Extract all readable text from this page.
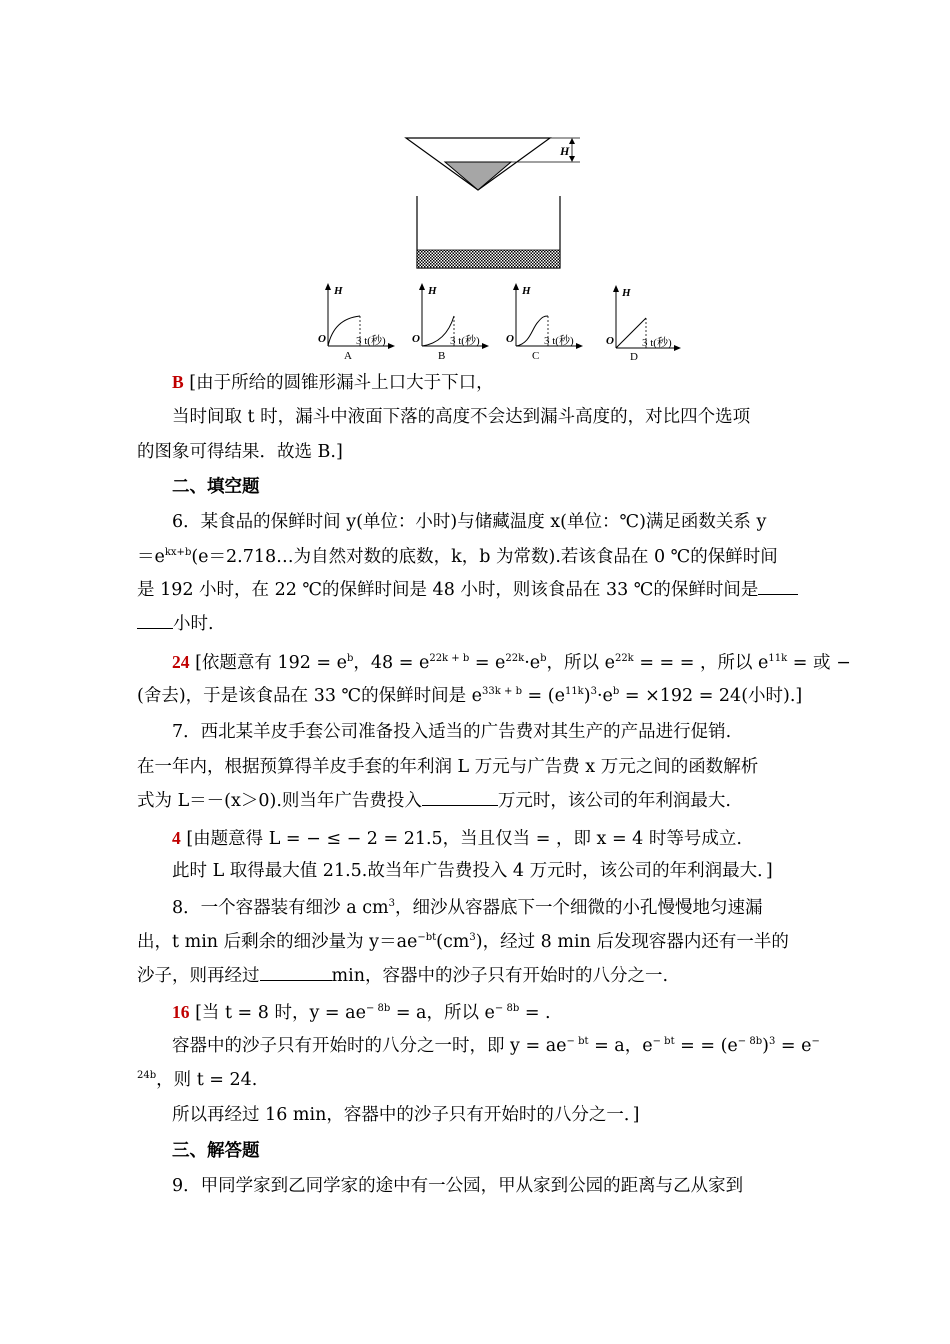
H
H
O	3 t(秒)
A
H
O	3 t(秒)
B
H
O	3 t(秒)
C
H
O	3 t(秒)
D
B [由于所给的圆锥形漏斗上口大于下口，
当时间取 t 时，漏斗中液面下落的高度不会达到漏斗高度的，对比四个选项
的图象可得结果．故选 B.]
二、填空题
6．某食品的保鲜时间 y(单位：小时)与储藏温度 x(单位：℃)满足函数关系 y
$=e^{kx+b}(e=2.718\dots$为自然对数的底数，k，b 为常数).若该食品在 0 ℃的保鲜时间
是 192 小时，在 22 ℃的保鲜时间是 48 小时，则该食品在 33 ℃的保鲜时间是
小时.
24 [依题意有 $192 = e^b$，$48 = e^{22k + b} = e^{22k}\cdot e^b$，所以 $e^{22k}$ = = = ，所以 $e^{11k}$ = 或 −
(舍去)，于是该食品在 33 ℃的保鲜时间是 $e^{33k + b} = (e^{11k})^3\cdot e^b = \times 192 = 24$(小时).]
7．西北某羊皮手套公司准备投入适当的广告费对其生产的产品进行促销.
在一年内，根据预算得羊皮手套的年利润 L 万元与广告费 x 万元之间的函数解析
式为 L＝－(x＞0).则当年广告费投入	万元时，该公司的年利润最大.
4 [由题意得 L = − ≤ − 2 = 21.5，当且仅当 = ，即 x = 4 时等号成立.
此时 L 取得最大值 21.5.故当年广告费投入 4 万元时，该公司的年利润最大．]
8．一个容器装有细沙 a $cm^3$，细沙从容器底下一个细微的小孔慢慢地匀速漏
出，t min 后剩余的细沙量为 $y=ae^{-bt}(cm^3)$，经过 8 min 后发现容器内还有一半的
沙子，则再经过	min，容器中的沙子只有开始时的八分之一.
16 [当 t = 8 时，$y = ae^{- 8b} = a$，所以 $e^{- 8b}$ = .
容器中的沙子只有开始时的八分之一时，即 $y = ae^{- bt} = a$，$e^{- bt}$ = = $(e^{- 8b})^3 = e^-$
$^{24b}$，则 t = 24.
所以再经过 16 min，容器中的沙子只有开始时的八分之一．]
三、解答题
9．甲同学家到乙同学家的途中有一公园，甲从家到公园的距离与乙从家到
